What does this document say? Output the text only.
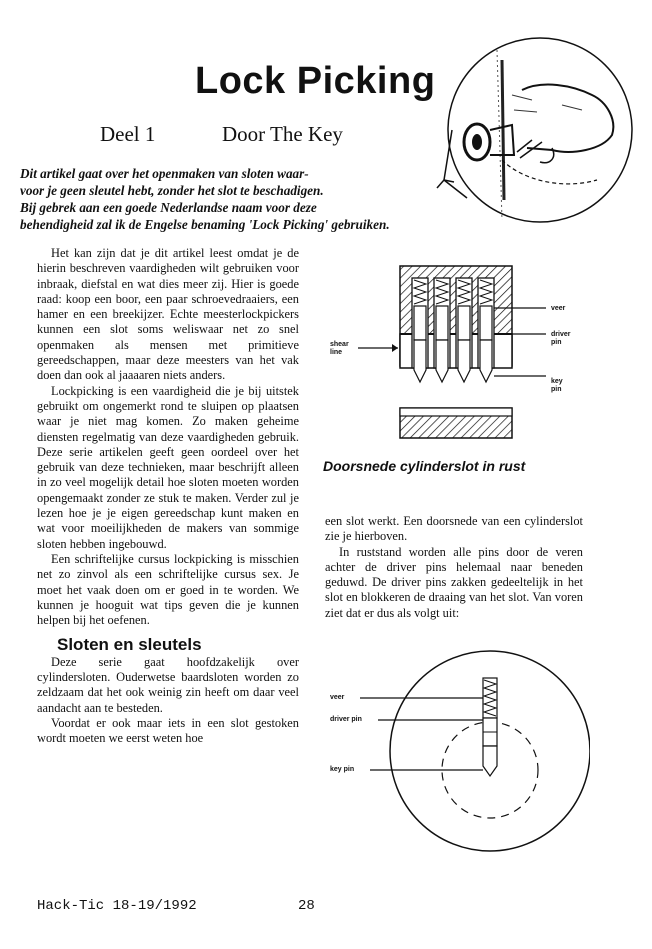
Lock Picking
Deel 1	Door The Key
Dit artikel gaat over het openmaken van sloten waar-
voor je geen sleutel hebt, zonder het slot te beschadigen.
Bij gebrek aan een goede Nederlandse naam voor deze
behendigheid zal ik de Engelse benaming 'Lock Picking' gebruiken.

Het kan zijn dat je dit artikel leest omdat je de hierin beschreven vaardigheden wilt gebruiken voor inbraak, diefstal en wat dies meer zij. Hier is goede raad: koop een boor, een paar schroevedraaiers, een hamer en een breekijzer. Echte meesterlockpickers kunnen een slot soms weliswaar net zo snel openmaken als mensen met primitieve gereedschappen, maar deze meesters van het vak doen dan ook al jaaaaren niets anders.

Lockpicking is een vaardigheid die je bij uitstek gebruikt om ongemerkt rond te sluipen op plaatsen waar je niet mag komen. Zo maken geheime diensten regelmatig van deze vaardigheden gebruik. Deze serie artikelen geeft geen oordeel over het gebruik van deze technieken, maar beschrijft alleen in zo veel mogelijk detail hoe sloten moeten worden opengemaakt zonder ze stuk te maken. Verder zul je lezen hoe je je eigen gereedschap kunt maken en wat voor moeilijkheden de makers van sommige sloten hebben ingebouwd.

Een schriftelijke cursus lockpicking is misschien net zo zinvol als een schriftelijke cursus sex. Je moet het vaak doen om er goed in te worden. We kunnen je hooguit wat tips geven die je kunnen helpen bij het oefenen.

Sloten en sleutels

Deze serie gaat hoofdzakelijk over cylindersloten. Ouderwetse baardsloten worden zo zeldzaam dat het ook weinig zin heeft om daar veel aandacht aan te besteden.

Voordat er ook maar iets in een slot gestoken wordt moeten we eerst weten hoe

veer
driver
pin
shear
line
key
pin
Doorsnede cylinderslot in rust

een slot werkt. Een doorsnede van een cylinderslot zie je hierboven.

In ruststand worden alle pins door de veren achter de driver pins helemaal naar beneden geduwd. De driver pins zakken gedeeltelijk in het slot en blokkeren de draaing van het slot. Van voren ziet dat er dus als volgt uit:

veer
driver pin
key pin
Hack-Tic 18-19/1992	28
